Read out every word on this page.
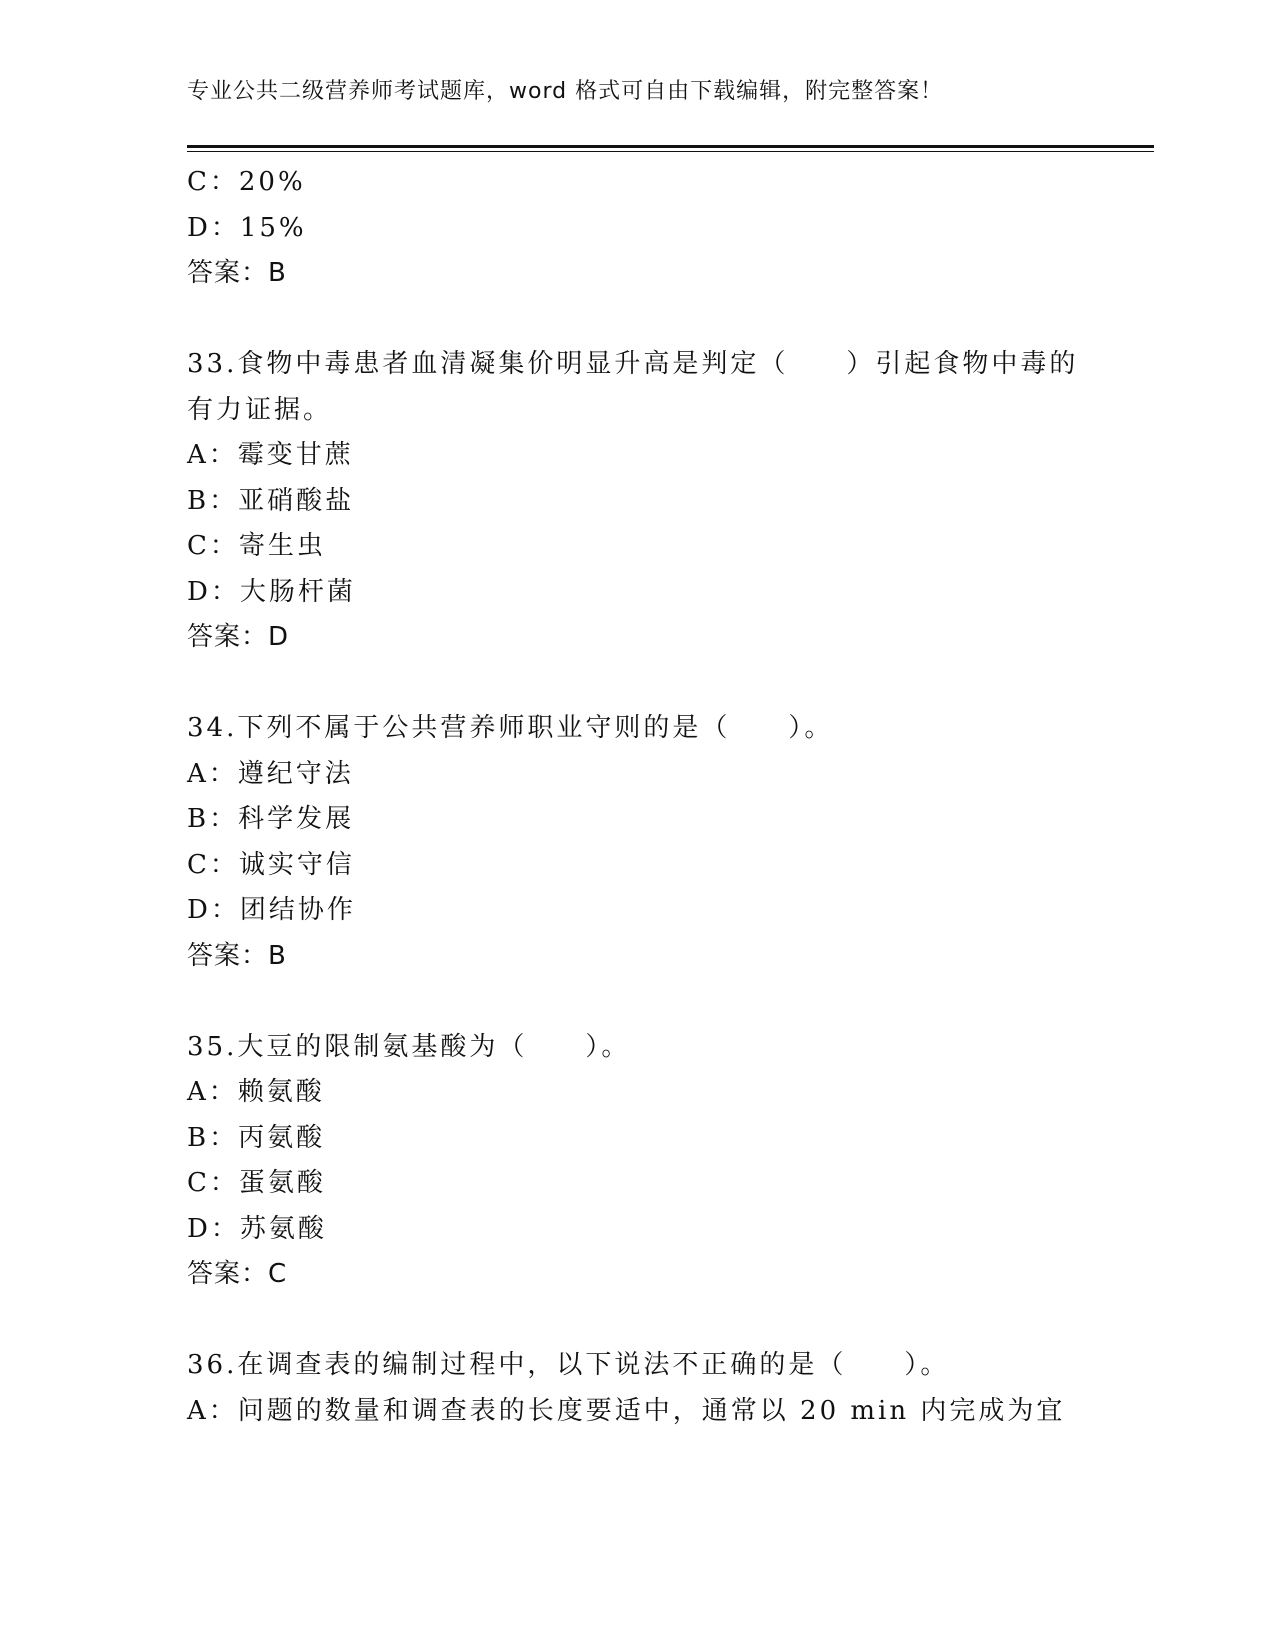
专业公共二级营养师考试题库，word 格式可自由下载编辑，附完整答案！
C：20%
D：15%
答案：B
33.食物中毒患者血清凝集价明显升高是判定（　　）引起食物中毒的
有力证据。
A：霉变甘蔗
B：亚硝酸盐
C：寄生虫
D：大肠杆菌
答案：D
34.下列不属于公共营养师职业守则的是（　　）。
A：遵纪守法
B：科学发展
C：诚实守信
D：团结协作
答案：B
35.大豆的限制氨基酸为（　　）。
A：赖氨酸
B：丙氨酸
C：蛋氨酸
D：苏氨酸
答案：C
36.在调查表的编制过程中，以下说法不正确的是（　　）。
A：问题的数量和调查表的长度要适中，通常以 20 min 内完成为宜
